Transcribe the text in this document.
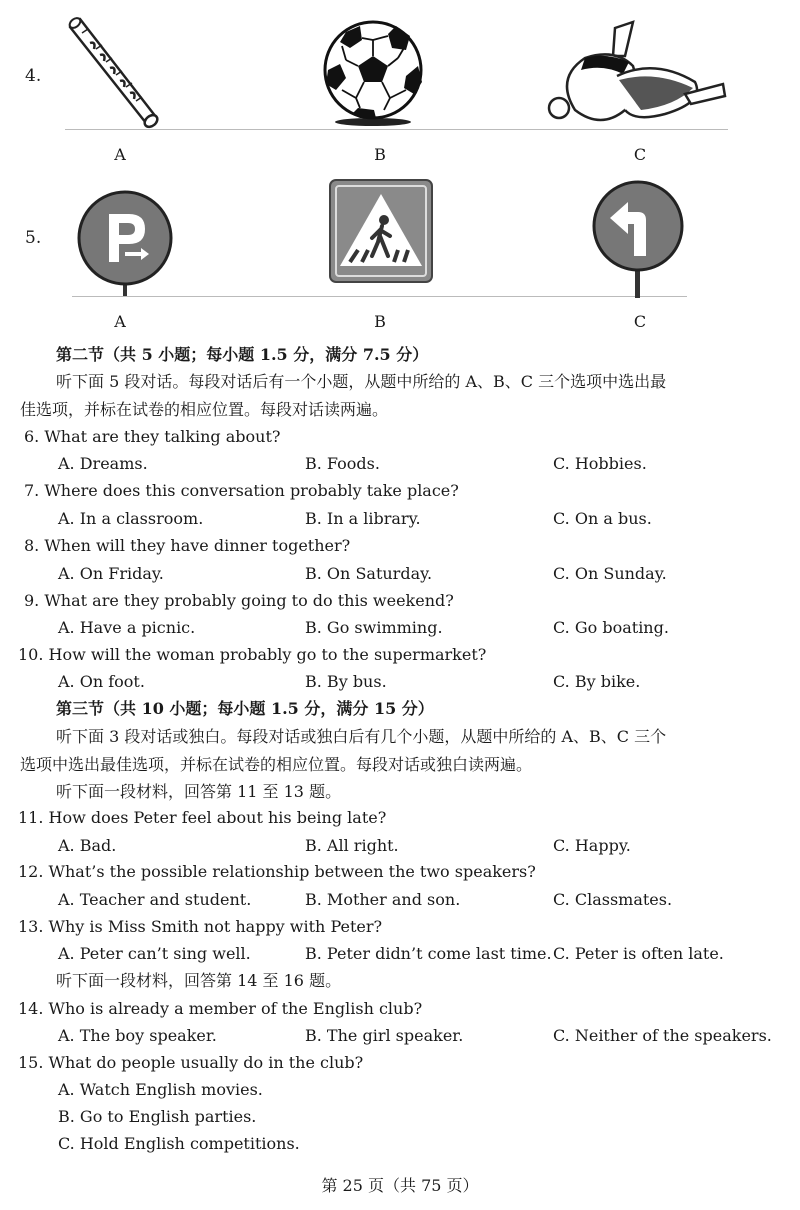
4.
A	B	C
5.
A	B	C
第二节（共 5 小题；每小题 1.5 分，满分 7.5 分）
听下面 5 段对话。每段对话后有一个小题，从题中所给的 A、B、C 三个选项中选出最
佳选项，并标在试卷的相应位置。每段对话读两遍。
6. What are they talking about?
A. Dreams.	B. Foods.	C. Hobbies.
7. Where does this conversation probably take place?
A. In a classroom.	B. In a library.	C. On a bus.
8. When will they have dinner together?
A. On Friday.	B. On Saturday.	C. On Sunday.
9. What are they probably going to do this weekend?
A. Have a picnic.	B. Go swimming.	C. Go boating.
10. How will the woman probably go to the supermarket?
A. On foot.	B. By bus.	C. By bike.
第三节（共 10 小题；每小题 1.5 分，满分 15 分）
听下面 3 段对话或独白。每段对话或独白后有几个小题，从题中所给的 A、B、C 三个
选项中选出最佳选项，并标在试卷的相应位置。每段对话或独白读两遍。
听下面一段材料，回答第 11 至 13 题。
11. How does Peter feel about his being late?
A. Bad.	B. All right.	C. Happy.
12. What’s the possible relationship between the two speakers?
A. Teacher and student.	B. Mother and son.	C. Classmates.
13. Why is Miss Smith not happy with Peter?
A. Peter can’t sing well.	B. Peter didn’t come last time. C. Peter is often late.
听下面一段材料，回答第 14 至 16 题。
14. Who is already a member of the English club?
A. The boy speaker.	B. The girl speaker.	C. Neither of the speakers.
15. What do people usually do in the club?
A. Watch English movies.
B. Go to English parties.
C. Hold English competitions.
第 25 页（共 75 页）
